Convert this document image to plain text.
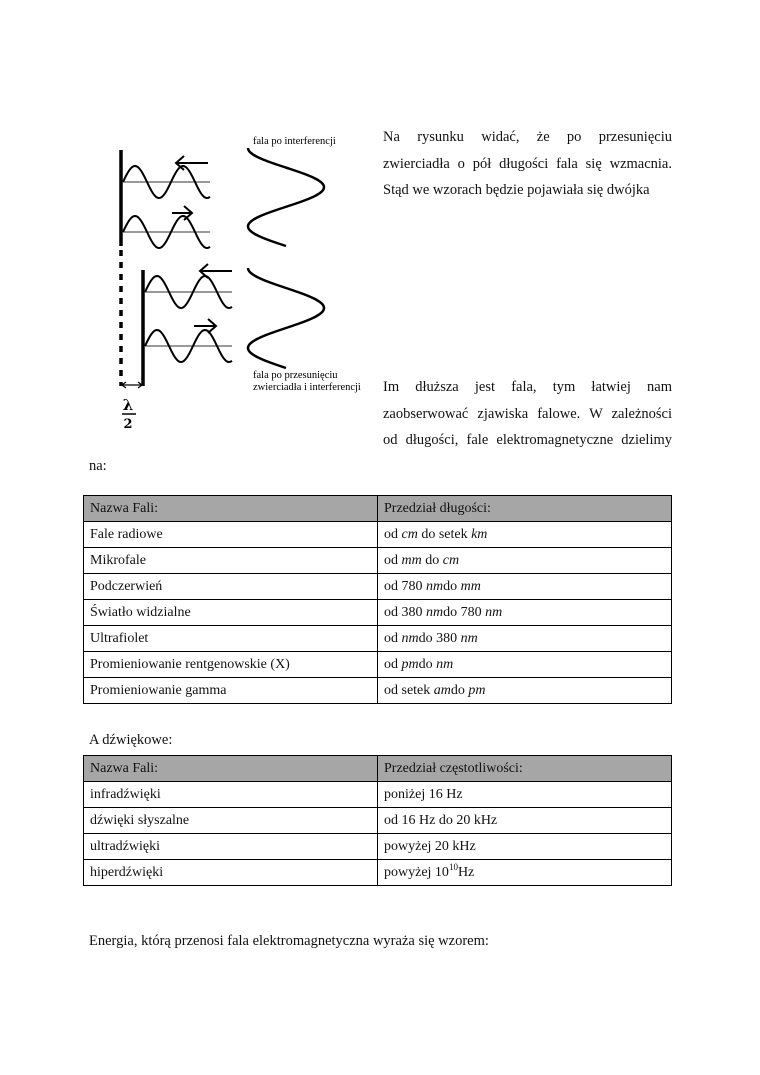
fala po interferencji
fala po przesunięciu
zwierciadła i interferencji
λ
2
Na rysunku widać, że po przesunięciu
zwierciadła o pół długości fala się wzmacnia.
Stąd we wzorach będzie pojawiała się dwójka
Im dłuższa jest fala, tym łatwiej nam
zaobserwować zjawiska falowe. W zależności
od długości, fale elektromagnetyczne dzielimy
na:
Nazwa Fali:	Przedział długości:
Fale radiowe	od cm do setek km
Mikrofale	od mm do cm
Podczerwień	od 780 nmdo mm
Światło widzialne	od 380 nmdo 780 nm
Ultrafiolet	od nmdo 380 nm
Promieniowanie rentgenowskie (X)	od pmdo nm
Promieniowanie gamma	od setek amdo pm
A dźwiękowe:
Nazwa Fali:	Przedział częstotliwości:
infradźwięki	poniżej 16 Hz
dźwięki słyszalne	od 16 Hz do 20 kHz
ultradźwięki	powyżej 20 kHz
hiperdźwięki	powyżej $10^{10}Hz$
Energia, którą przenosi fala elektromagnetyczna wyraża się wzorem:
